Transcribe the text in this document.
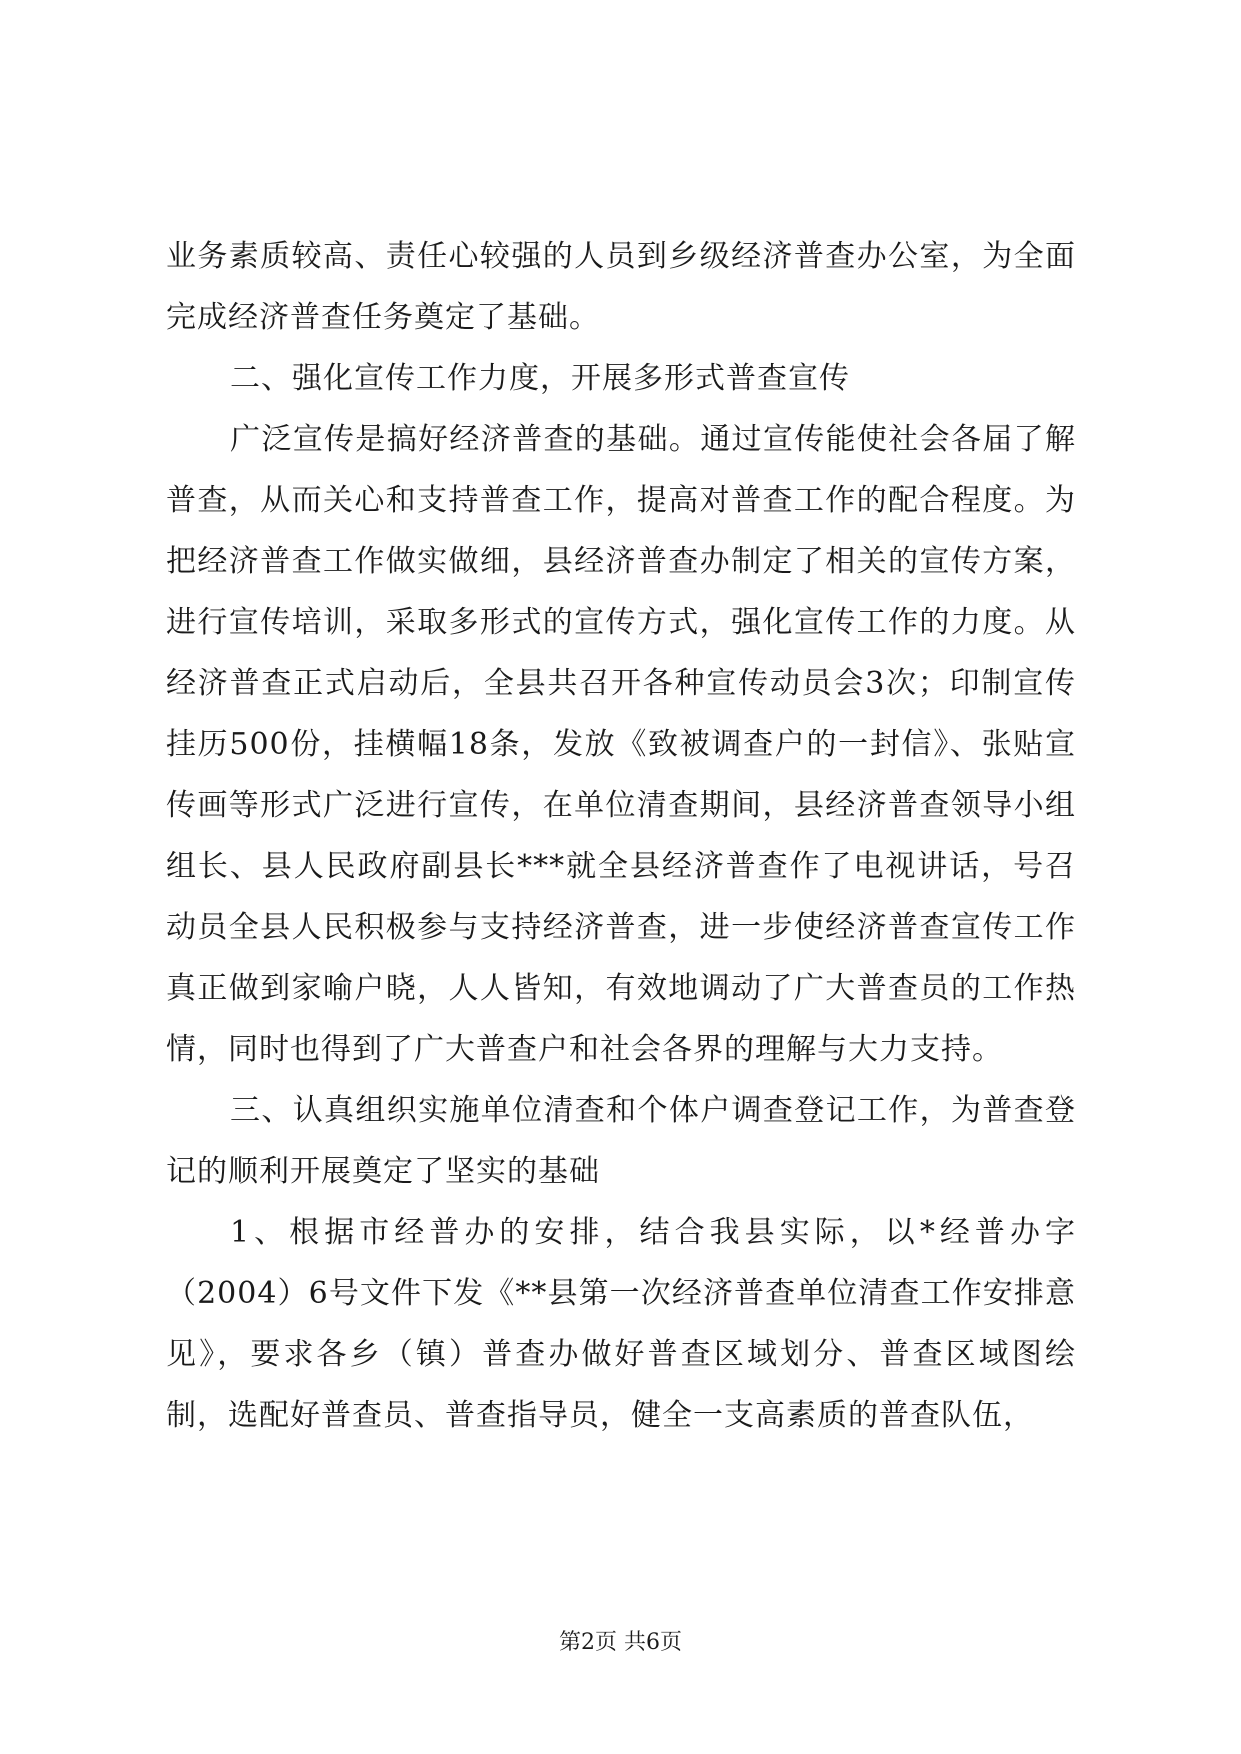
业务素质较高、责任心较强的人员到乡级经济普查办公室，为全面完成经济普查任务奠定了基础。

二、强化宣传工作力度，开展多形式普查宣传

广泛宣传是搞好经济普查的基础。通过宣传能使社会各届了解普查，从而关心和支持普查工作，提高对普查工作的配合程度。为把经济普查工作做实做细，县经济普查办制定了相关的宣传方案，进行宣传培训，采取多形式的宣传方式，强化宣传工作的力度。从经济普查正式启动后，全县共召开各种宣传动员会3次；印制宣传挂历500份，挂横幅18条，发放《致被调查户的一封信》、张贴宣传画等形式广泛进行宣传，在单位清查期间，县经济普查领导小组组长、县人民政府副县长***就全县经济普查作了电视讲话，号召动员全县人民积极参与支持经济普查，进一步使经济普查宣传工作真正做到家喻户晓，人人皆知，有效地调动了广大普查员的工作热情，同时也得到了广大普查户和社会各界的理解与大力支持。

三、认真组织实施单位清查和个体户调查登记工作，为普查登记的顺利开展奠定了坚实的基础

1、根据市经普办的安排，结合我县实际，以*经普办字（2004）6号文件下发《**县第一次经济普查单位清查工作安排意见》，要求各乡（镇）普查办做好普查区域划分、普查区域图绘制，选配好普查员、普查指导员，健全一支高素质的普查队伍，

第2页 共6页
